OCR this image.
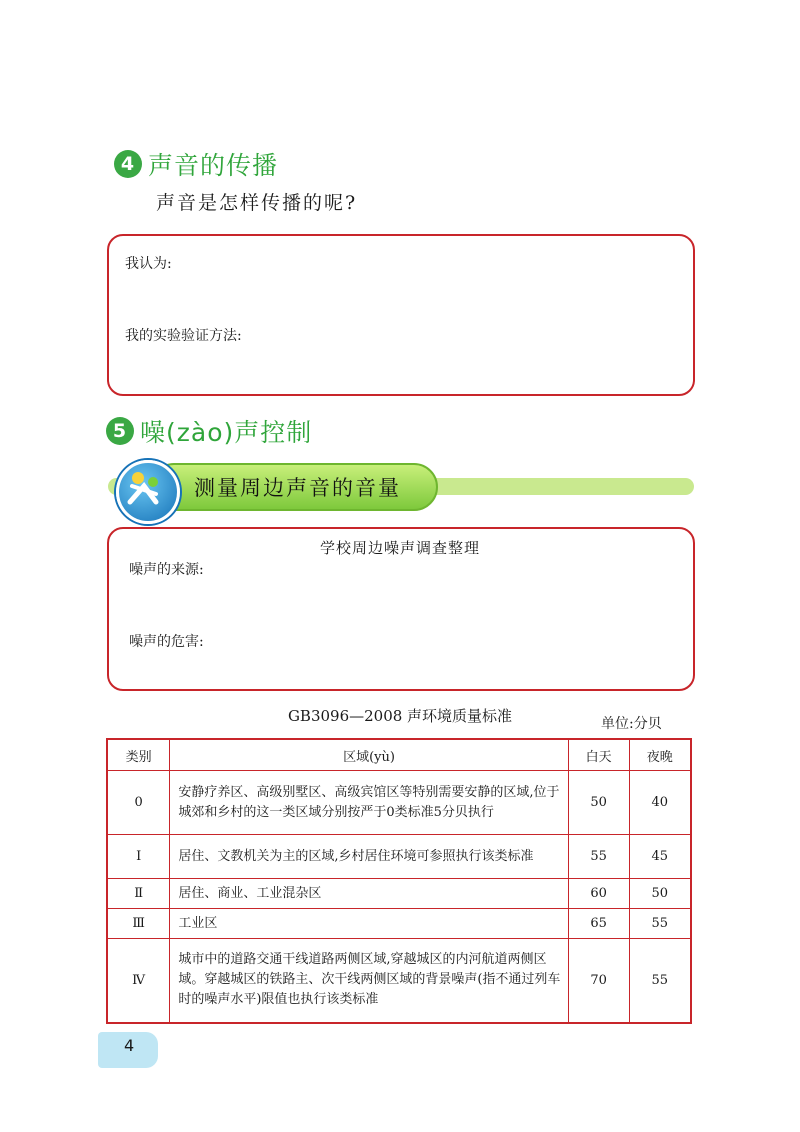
4 声音的传播
声音是怎样传播的呢?
我认为:
我的实验验证方法:
5 噪(zào)声控制
测量周边声音的音量
噪声的来源:
噪声的危害:
学校周边噪声调查整理
GB3096—2008 声环境质量标准	单位:分贝
类别	区域(yù)	白天	夜晚
0	安静疗养区、高级别墅区、高级宾馆区等特别需要安静的区域,位于城郊和乡村的这一类区域分别按严于0类标准5分贝执行	50	40
Ⅰ	居住、文教机关为主的区域,乡村居住环境可参照执行该类标准	55	45
Ⅱ	居住、商业、工业混杂区	60	50
Ⅲ	工业区	65	55
Ⅳ	城市中的道路交通干线道路两侧区域,穿越城区的内河航道两侧区域。穿越城区的铁路主、次干线两侧区域的背景噪声(指不通过列车时的噪声水平)限值也执行该类标准	70	55
4
